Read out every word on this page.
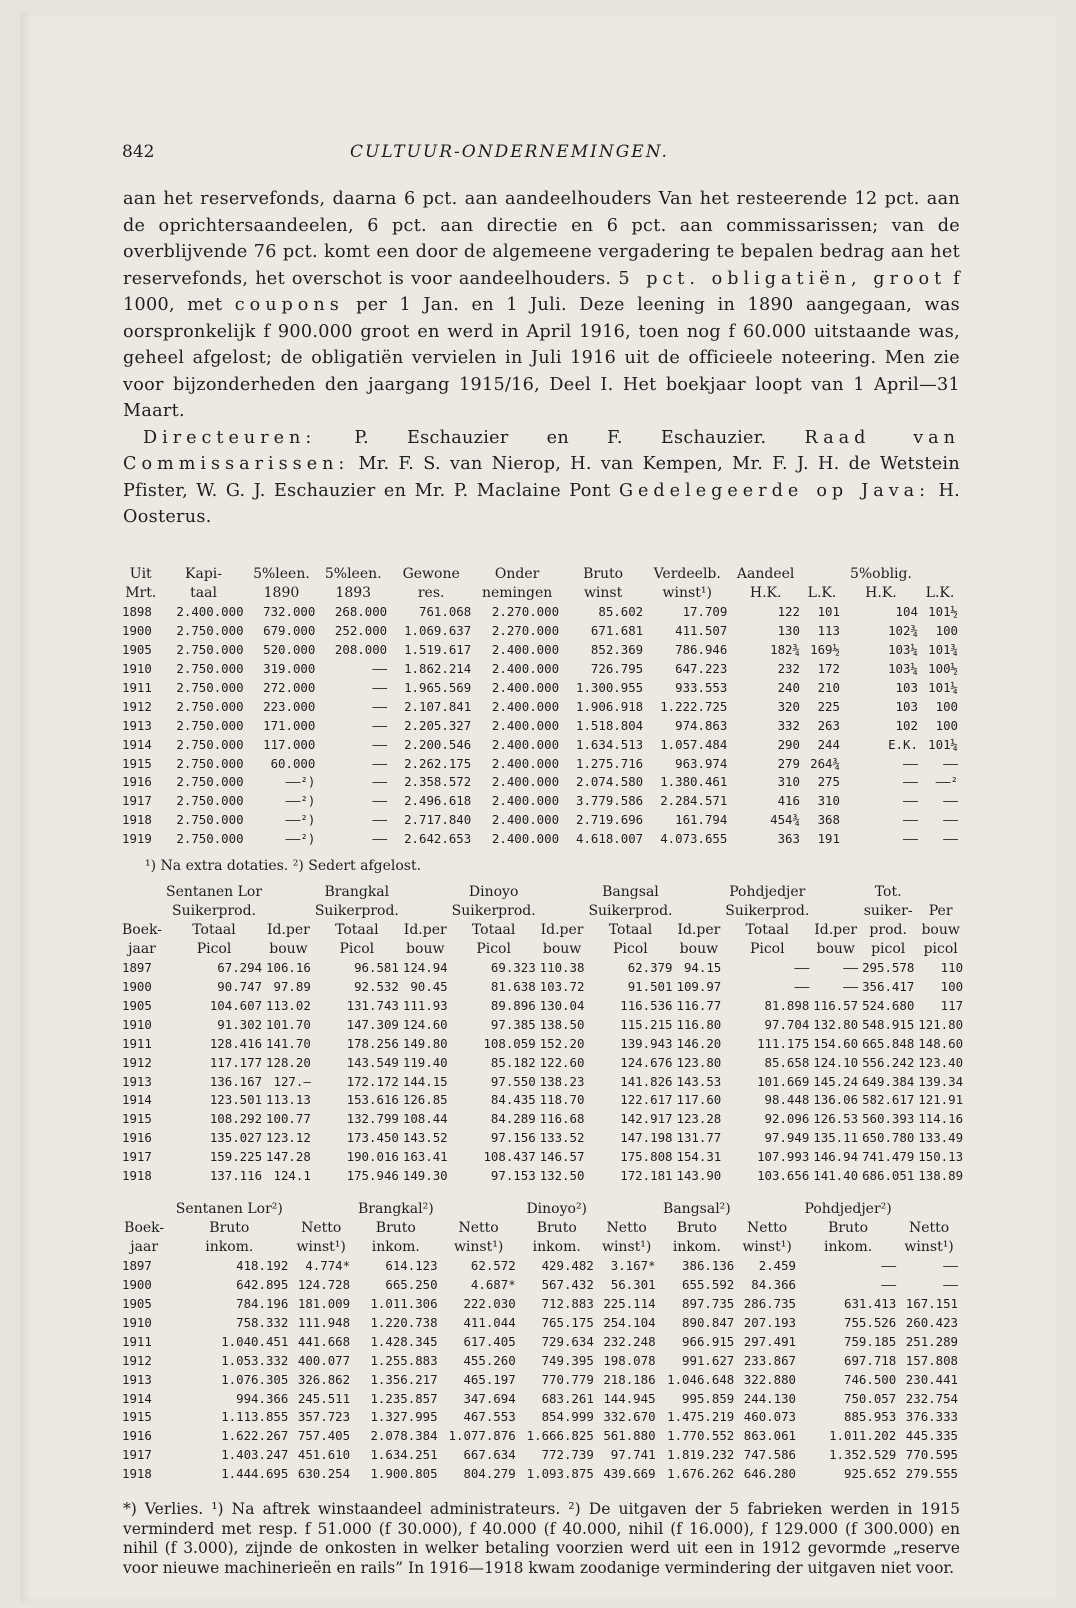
842	CULTUUR-ONDERNEMINGEN.

aan het reservefonds, daarna 6 pct. aan aandeelhouders Van het resteerende 12 pct. aan de oprichtersaandeelen, 6 pct. aan directie en 6 pct. aan commissarissen; van de overblijvende 76 pct. komt een door de algemeene vergadering te bepalen bedrag aan het reservefonds, het overschot is voor aandeelhouders. 5 pct. obligatiën, groot f 1000, met coupons per 1 Jan. en 1 Juli. Deze leening in 1890 aangegaan, was oorspronkelijk f 900.000 groot en werd in April 1916, toen nog f 60.000 uitstaande was, geheel afgelost; de obligatiën vervielen in Juli 1916 uit de officieele noteering. Men zie voor bijzonderheden den jaargang 1915/16, Deel I. Het boekjaar loopt van 1 April—31 Maart.

Directeuren: P. Eschauzier en F. Eschauzier. Raad van Commissarissen: Mr. F. S. van Nierop, H. van Kempen, Mr. F. J. H. de Wetstein Pfister, W. G. J. Eschauzier en Mr. P. Maclaine Pont Gedelegeerde op Java: H. Oosterus.

Uit	Kapi-	5%leen.	5%leen.	Gewone	Onder	Bruto	Verdeelb.	Aandeel		5%oblig.	
Mrt.	taal	1890	1893	res.	nemingen	winst	winst¹)	H.K.	L.K.	H.K.	L.K.
1898	2.400.000	732.000	268.000	761.068	2.270.000	85.602	17.709	122	101	104	101½
1900	2.750.000	679.000	252.000	1.069.637	2.270.000	671.681	411.507	130	113	102¾	100
1905	2.750.000	520.000	208.000	1.519.617	2.400.000	852.369	786.946	182¾	169½	103¼	101¾
1910	2.750.000	319.000	——	1.862.214	2.400.000	726.795	647.223	232	172	103¼	100½
1911	2.750.000	272.000	——	1.965.569	2.400.000	1.300.955	933.553	240	210	103	101¼
1912	2.750.000	223.000	——	2.107.841	2.400.000	1.906.918	1.222.725	320	225	103	100
1913	2.750.000	171.000	——	2.205.327	2.400.000	1.518.804	974.863	332	263	102	100
1914	2.750.000	117.000	——	2.200.546	2.400.000	1.634.513	1.057.484	290	244	E.K.	101¼
1915	2.750.000	60.000	——	2.262.175	2.400.000	1.275.716	963.974	279	264¾	——	——
1916	2.750.000	——²)	——	2.358.572	2.400.000	2.074.580	1.380.461	310	275	——	——²
1917	2.750.000	——²)	——	2.496.618	2.400.000	3.779.586	2.284.571	416	310	——	——
1918	2.750.000	——²)	——	2.717.840	2.400.000	2.719.696	161.794	454¾	368	——	——
1919	2.750.000	——²)	——	2.642.653	2.400.000	4.618.007	4.073.655	363	191	——	——
¹) Na extra dotaties. ²) Sedert afgelost.
	Sentanen Lor		Brangkal		Dinoyo		Bangsal		Pohdjedjer		Tot.	
	Suikerprod.		Suikerprod.		Suikerprod.		Suikerprod.		Suikerprod.		suiker-	Per
Boek-	Totaal	Id.per	Totaal	Id.per	Totaal	Id.per	Totaal	Id.per	Totaal	Id.per	prod.	bouw
jaar	Picol	bouw	Picol	bouw	Picol	bouw	Picol	bouw	Picol	bouw	picol	picol
1897	67.294	106.16	96.581	124.94	69.323	110.38	62.379	94.15	——	——	295.578	110
1900	90.747	97.89	92.532	90.45	81.638	103.72	91.501	109.97	——	——	356.417	100
1905	104.607	113.02	131.743	111.93	89.896	130.04	116.536	116.77	81.898	116.57	524.680	117
1910	91.302	101.70	147.309	124.60	97.385	138.50	115.215	116.80	97.704	132.80	548.915	121.80
1911	128.416	141.70	178.256	149.80	108.059	152.20	139.943	146.20	111.175	154.60	665.848	148.60
1912	117.177	128.20	143.549	119.40	85.182	122.60	124.676	123.80	85.658	124.10	556.242	123.40
1913	136.167	127.—	172.172	144.15	97.550	138.23	141.826	143.53	101.669	145.24	649.384	139.34
1914	123.501	113.13	153.616	126.85	84.435	118.70	122.617	117.60	98.448	136.06	582.617	121.91
1915	108.292	100.77	132.799	108.44	84.289	116.68	142.917	123.28	92.096	126.53	560.393	114.16
1916	135.027	123.12	173.450	143.52	97.156	133.52	147.198	131.77	97.949	135.11	650.780	133.49
1917	159.225	147.28	190.016	163.41	108.437	146.57	175.808	154.31	107.993	146.94	741.479	150.13
1918	137.116	124.1	175.946	149.30	97.153	132.50	172.181	143.90	103.656	141.40	686.051	138.89
	Sentanen Lor²)		Brangkal²)		Dinoyo²)		Bangsal²)		Pohdjedjer²)	
Boek-	Bruto	Netto	Bruto	Netto	Bruto	Netto	Bruto	Netto	Bruto	Netto
jaar	inkom.	winst¹)	inkom.	winst¹)	inkom.	winst¹)	inkom.	winst¹)	inkom.	winst¹)
1897	418.192	4.774*	614.123	62.572	429.482	3.167*	386.136	2.459	——	——
1900	642.895	124.728	665.250	4.687*	567.432	56.301	655.592	84.366	——	——
1905	784.196	181.009	1.011.306	222.030	712.883	225.114	897.735	286.735	631.413	167.151
1910	758.332	111.948	1.220.738	411.044	765.175	254.104	890.847	207.193	755.526	260.423
1911	1.040.451	441.668	1.428.345	617.405	729.634	232.248	966.915	297.491	759.185	251.289
1912	1.053.332	400.077	1.255.883	455.260	749.395	198.078	991.627	233.867	697.718	157.808
1913	1.076.305	326.862	1.356.217	465.197	770.779	218.186	1.046.648	322.880	746.500	230.441
1914	994.366	245.511	1.235.857	347.694	683.261	144.945	995.859	244.130	750.057	232.754
1915	1.113.855	357.723	1.327.995	467.553	854.999	332.670	1.475.219	460.073	885.953	376.333
1916	1.622.267	757.405	2.078.384	1.077.876	1.666.825	561.880	1.770.552	863.061	1.011.202	445.335
1917	1.403.247	451.610	1.634.251	667.634	772.739	97.741	1.819.232	747.586	1.352.529	770.595
1918	1.444.695	630.254	1.900.805	804.279	1.093.875	439.669	1.676.262	646.280	925.652	279.555
*) Verlies. ¹) Na aftrek winstaandeel administrateurs. ²) De uitgaven der 5 fabrieken werden in 1915 verminderd met resp. f 51.000 (f 30.000), f 40.000 (f 40.000, nihil (f 16.000), f 129.000 (f 300.000) en nihil (f 3.000), zijnde de onkosten in welker betaling voorzien werd uit een in 1912 gevormde „reserve voor nieuwe machinerieën en rails” In 1916—1918 kwam zoodanige vermindering der uitgaven niet voor.
